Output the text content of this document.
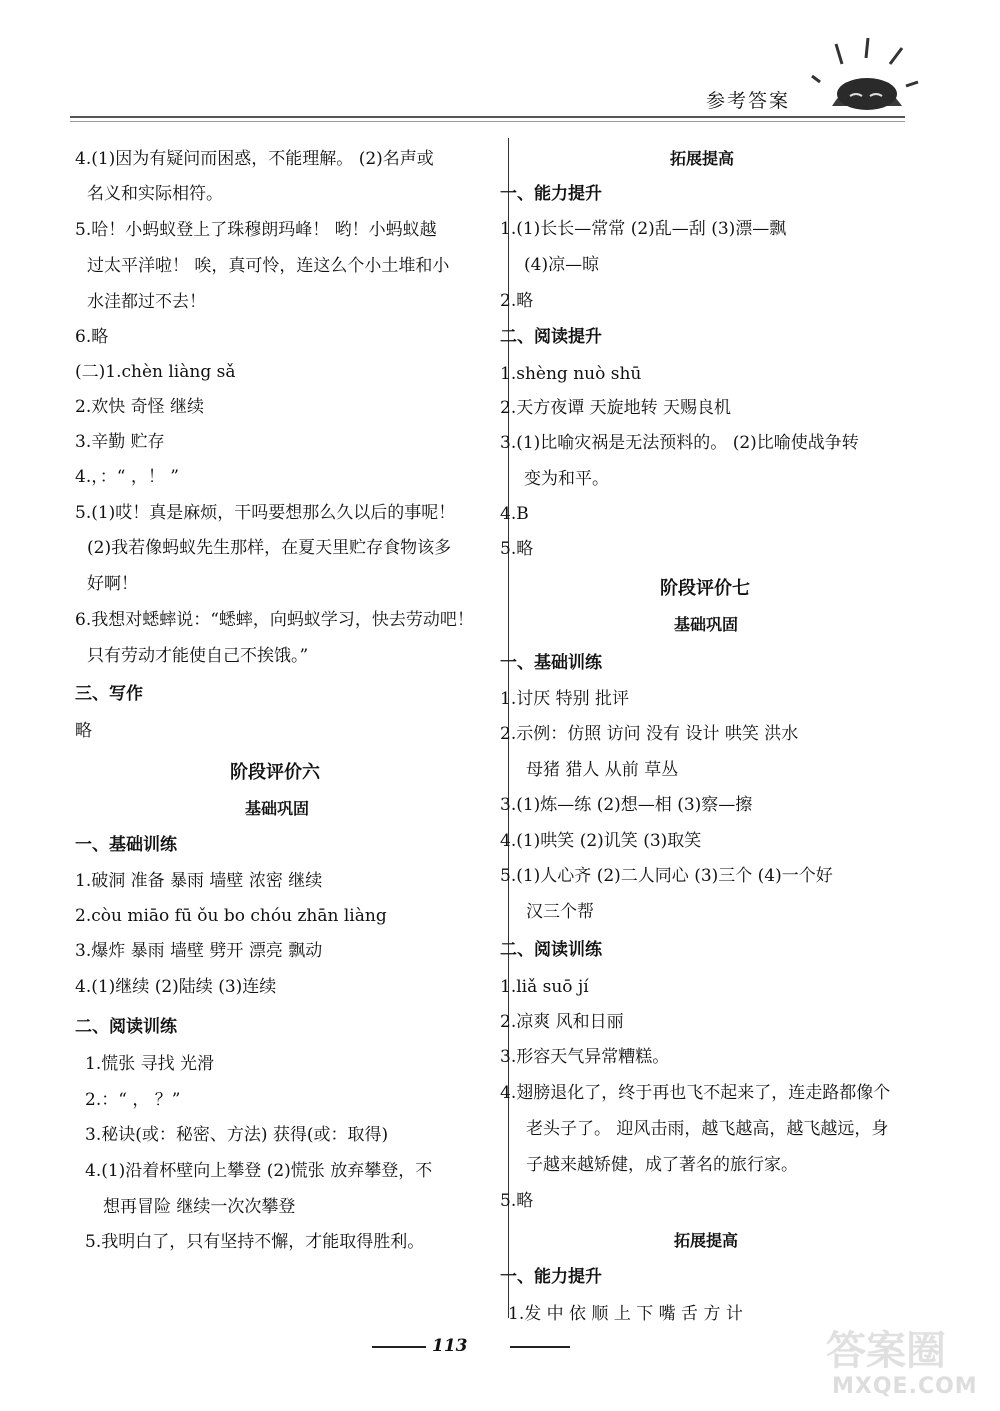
参考答案
4.(1)因为有疑问而困惑，不能理解。 (2)名声或
名义和实际相符。
5.哈！小蚂蚁登上了珠穆朗玛峰！ 哟！小蚂蚁越
过太平洋啦！ 唉，真可怜，连这么个小土堆和小
水洼都过不去！
6.略
(二)1.chèn liàng sǎ
2.欢快 奇怪 继续
3.辛勤 贮存
4.，：“ ，！ ”
5.(1)哎！真是麻烦，干吗要想那么久以后的事呢！
(2)我若像蚂蚁先生那样，在夏天里贮存食物该多
好啊！
6.我想对蟋蟀说：“蟋蟀，向蚂蚁学习，快去劳动吧！
只有劳动才能使自己不挨饿。”
三、写作
略
阶段评价六
基础巩固
一、基础训练
1.破洞 准备 暴雨 墙壁 浓密 继续
2.còu miāo fū ǒu bo chóu zhān liàng
3.爆炸 暴雨 墙壁 劈开 漂亮 飘动
4.(1)继续 (2)陆续 (3)连续
二、阅读训练
1.慌张 寻找 光滑
2.：“ ， ？”
3.秘诀(或：秘密、方法) 获得(或：取得)
4.(1)沿着杯壁向上攀登 (2)慌张 放弃攀登，不
想再冒险 继续一次次攀登
5.我明白了，只有坚持不懈，才能取得胜利。
拓展提高
一、能力提升
1.(1)长长—常常 (2)乱—刮 (3)漂—飘
(4)凉—晾
2.略
二、阅读提升
1.shèng nuò shū
2.天方夜谭 天旋地转 天赐良机
3.(1)比喻灾祸是无法预料的。 (2)比喻使战争转
变为和平。
4.B
5.略
阶段评价七
基础巩固
一、基础训练
1.讨厌 特别 批评
2.示例：仿照 访问 没有 设计 哄笑 洪水
母猪 猎人 从前 草丛
3.(1)炼—练 (2)想—相 (3)察—擦
4.(1)哄笑 (2)讥笑 (3)取笑
5.(1)人心齐 (2)二人同心 (3)三个 (4)一个好
汉三个帮
二、阅读训练
1.liǎ suō jí
2.凉爽 风和日丽
3.形容天气异常糟糕。
4.翅膀退化了，终于再也飞不起来了，连走路都像个
老头子了。 迎风击雨，越飞越高，越飞越远，身
子越来越矫健，成了著名的旅行家。
5.略
拓展提高
一、能力提升
1.发 中 依 顺 上 下 嘴 舌 方 计
113	答案圈
MXQE.COM
